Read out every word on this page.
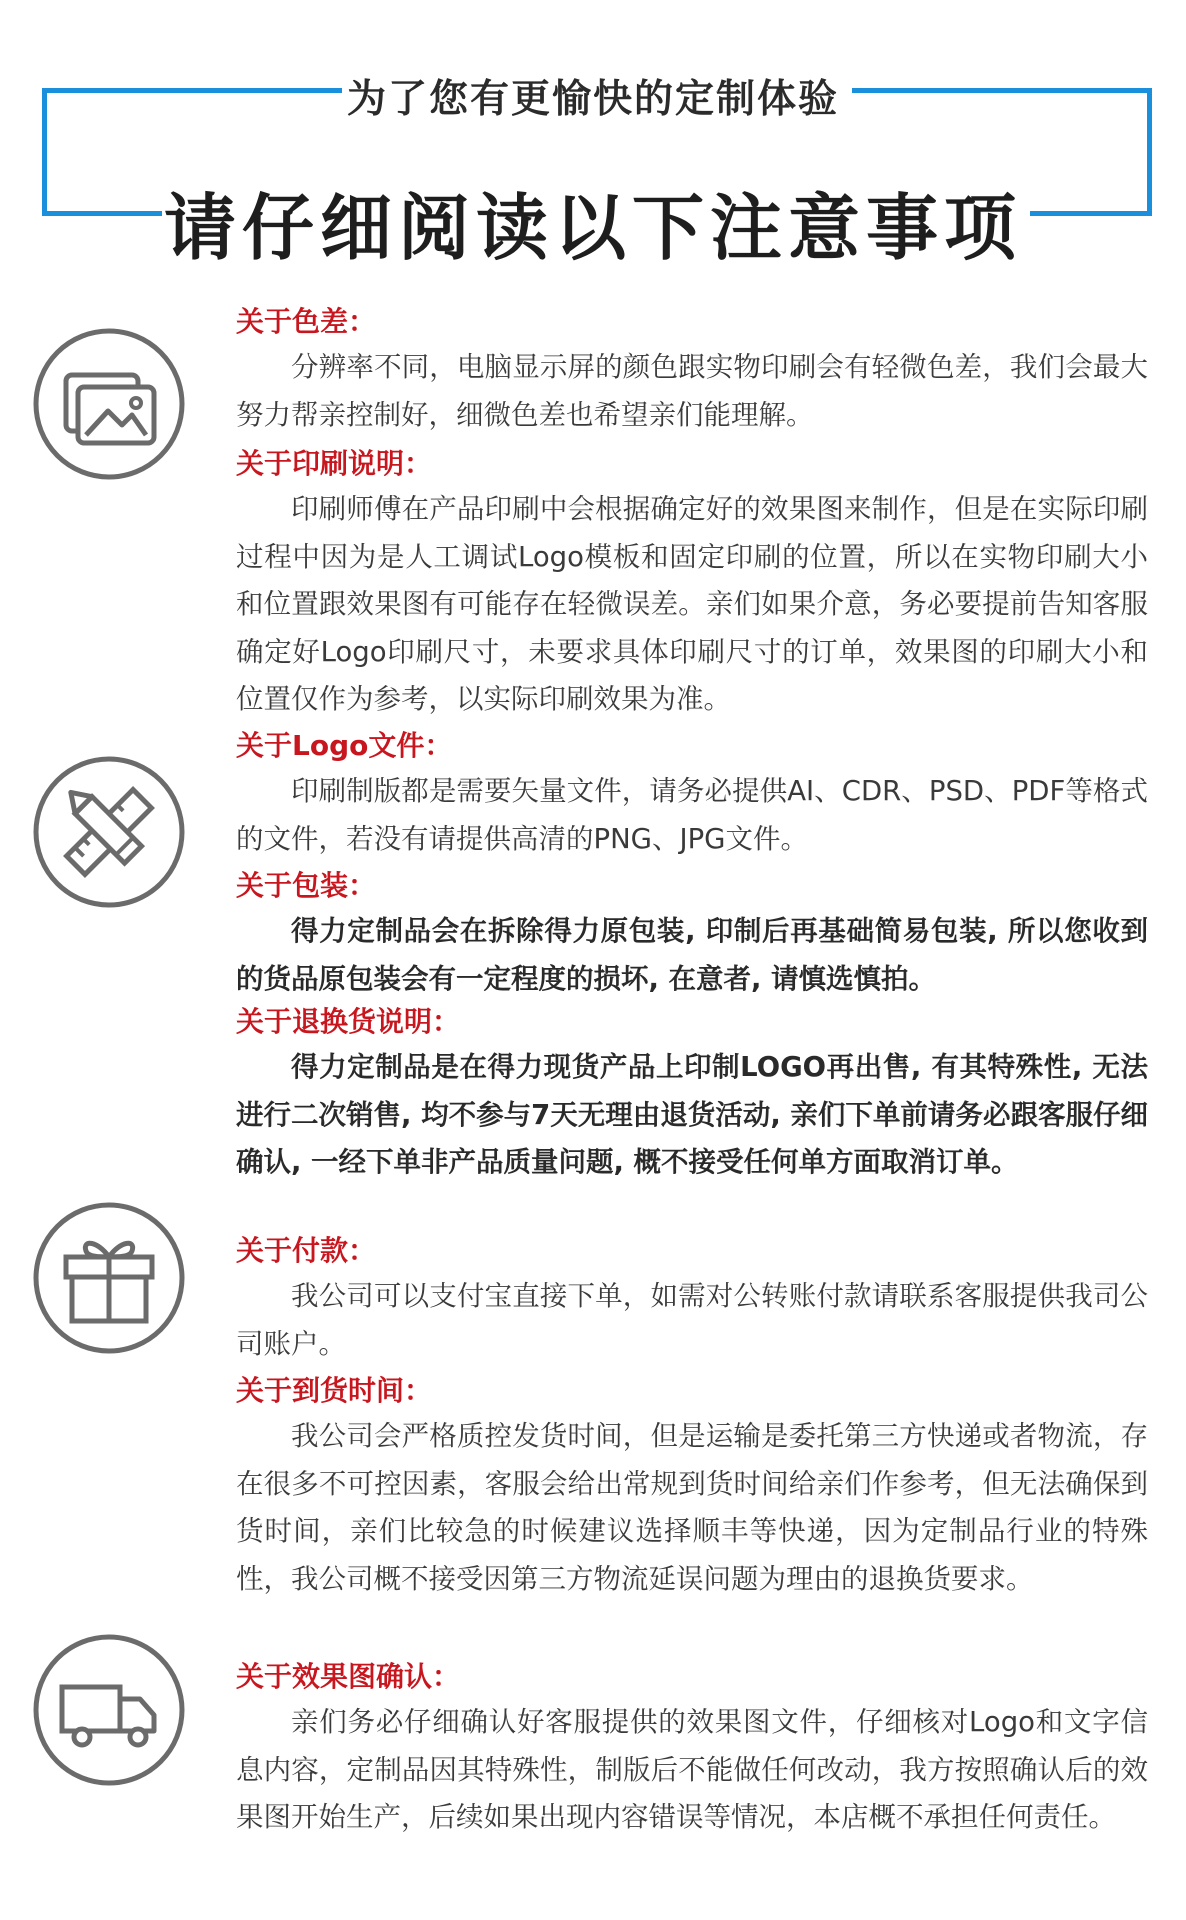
为了您有更愉快的定制体验
请仔细阅读以下注意事项
关于色差：

分辨率不同，电脑显示屏的颜色跟实物印刷会有轻微色差，我们会最大努力帮亲控制好，细微色差也希望亲们能理解。

关于印刷说明：

印刷师傅在产品印刷中会根据确定好的效果图来制作，但是在实际印刷过程中因为是人工调试Logo模板和固定印刷的位置，所以在实物印刷大小和位置跟效果图有可能存在轻微误差。亲们如果介意，务必要提前告知客服确定好Logo印刷尺寸，未要求具体印刷尺寸的订单，效果图的印刷大小和位置仅作为参考，以实际印刷效果为准。

关于Logo文件：

印刷制版都是需要矢量文件，请务必提供AI、CDR、PSD、PDF等格式的文件，若没有请提供高清的PNG、JPG文件。

关于包装：

得力定制品会在拆除得力原包装, 印制后再基础简易包装, 所以您收到的货品原包装会有一定程度的损坏, 在意者, 请慎选慎拍。

关于退换货说明：

得力定制品是在得力现货产品上印制LOGO再出售, 有其特殊性, 无法进行二次销售, 均不参与7天无理由退货活动, 亲们下单前请务必跟客服仔细确认, 一经下单非产品质量问题, 概不接受任何单方面取消订单。

关于付款：

我公司可以支付宝直接下单，如需对公转账付款请联系客服提供我司公司账户。

关于到货时间：

我公司会严格质控发货时间，但是运输是委托第三方快递或者物流，存在很多不可控因素，客服会给出常规到货时间给亲们作参考，但无法确保到货时间，亲们比较急的时候建议选择顺丰等快递，因为定制品行业的特殊性，我公司概不接受因第三方物流延误问题为理由的退换货要求。

关于效果图确认：

亲们务必仔细确认好客服提供的效果图文件，仔细核对Logo和文字信息内容，定制品因其特殊性，制版后不能做任何改动，我方按照确认后的效果图开始生产，后续如果出现内容错误等情况，本店概不承担任何责任。
